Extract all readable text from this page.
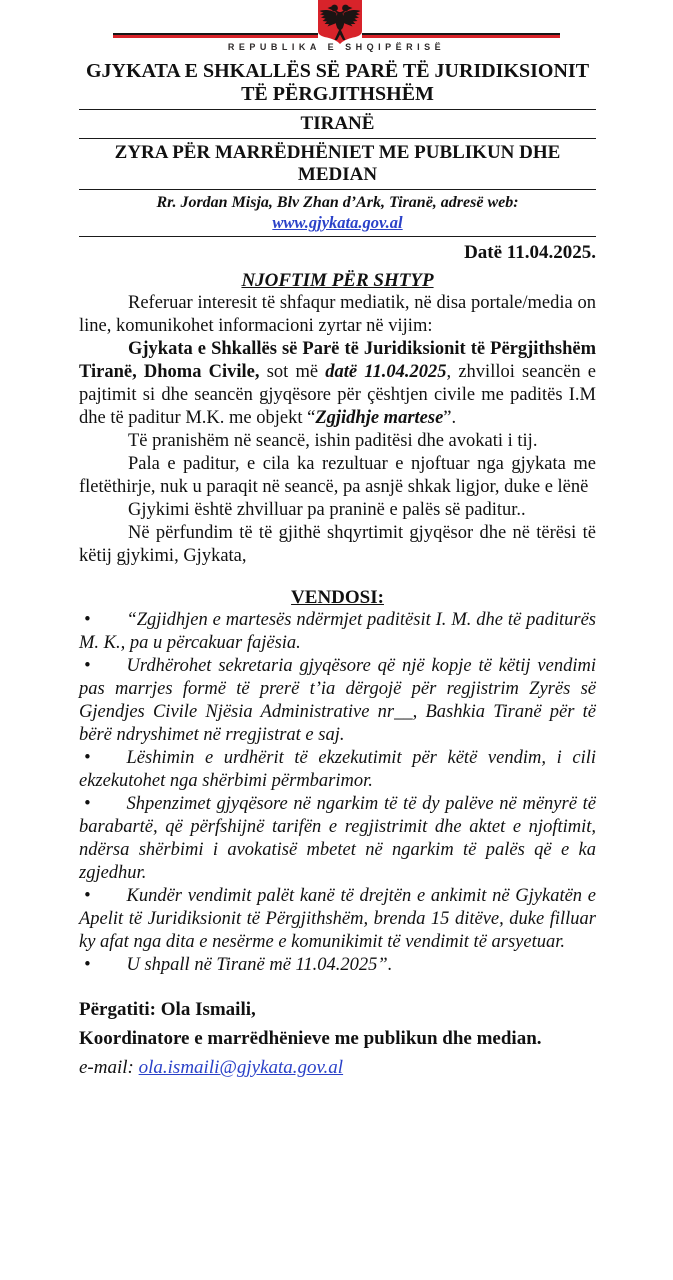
REPUBLIKA E SHQIPËRISË
GJYKATA E SHKALLËS SË PARË TË JURIDIKSIONIT
TË PËRGJITHSHËM
TIRANË
ZYRA PËR MARRËDHËNIET ME PUBLIKUN DHE
MEDIAN
Rr. Jordan Misja, Blv Zhan d’Ark, Tiranë, adresë web:
www.gjykata.gov.al
Datë 11.04.2025.
NJOFTIM PËR SHTYP

Referuar interesit të shfaqur mediatik, në disa portale/media on line, komunikohet informacioni zyrtar në vijim:

Gjykata e Shkallës së Parë të Juridiksionit të Përgjithshëm Tiranë, Dhoma Civile, sot më datë 11.04.2025, zhvilloi seancën e pajtimit si dhe seancën gjyqësore për çështjen civile me paditës I.M dhe të paditur M.K. me objekt “Zgjidhje martese”.

Të pranishëm në seancë, ishin paditësi dhe avokati i tij.

Pala e paditur, e cila ka rezultuar e njoftuar nga gjykata me fletëthirje, nuk u paraqit në seancë, pa asnjë shkak ligjor, duke e lënë

Gjykimi është zhvilluar pa praninë e palës së paditur..

Në përfundim të të gjithë shqyrtimit gjyqësor dhe në tërësi të këtij gjykimi, Gjykata,

VENDOSI:

• “Zgjidhjen e martesës ndërmjet paditësit I. M. dhe të paditurës M. K., pa u përcakuar fajësia.

• Urdhërohet sekretaria gjyqësore që një kopje të këtij vendimi pas marrjes formë të prerë t’ia dërgojë për regjistrim Zyrës së Gjendjes Civile Njësia Administrative nr__, Bashkia Tiranë për të bërë ndryshimet në rregjistrat e saj.

• Lëshimin e urdhërit të ekzekutimit për këtë vendim, i cili ekzekutohet nga shërbimi përmbarimor.

• Shpenzimet gjyqësore në ngarkim të të dy palëve në mënyrë të barabartë, që përfshijnë tarifën e regjistrimit dhe aktet e njoftimit, ndërsa shërbimi i avokatisë mbetet në ngarkim të palës që e ka zgjedhur.

• Kundër vendimit palët kanë të drejtën e ankimit në Gjykatën e Apelit të Juridiksionit të Përgjithshëm, brenda 15 ditëve, duke filluar ky afat nga dita e nesërme e komunikimit të vendimit të arsyetuar.

• U shpall në Tiranë më 11.04.2025”.

Përgatiti: Ola Ismaili,

Koordinatore e marrëdhënieve me publikun dhe median.

e-mail: ola.ismaili@gjykata.gov.al
